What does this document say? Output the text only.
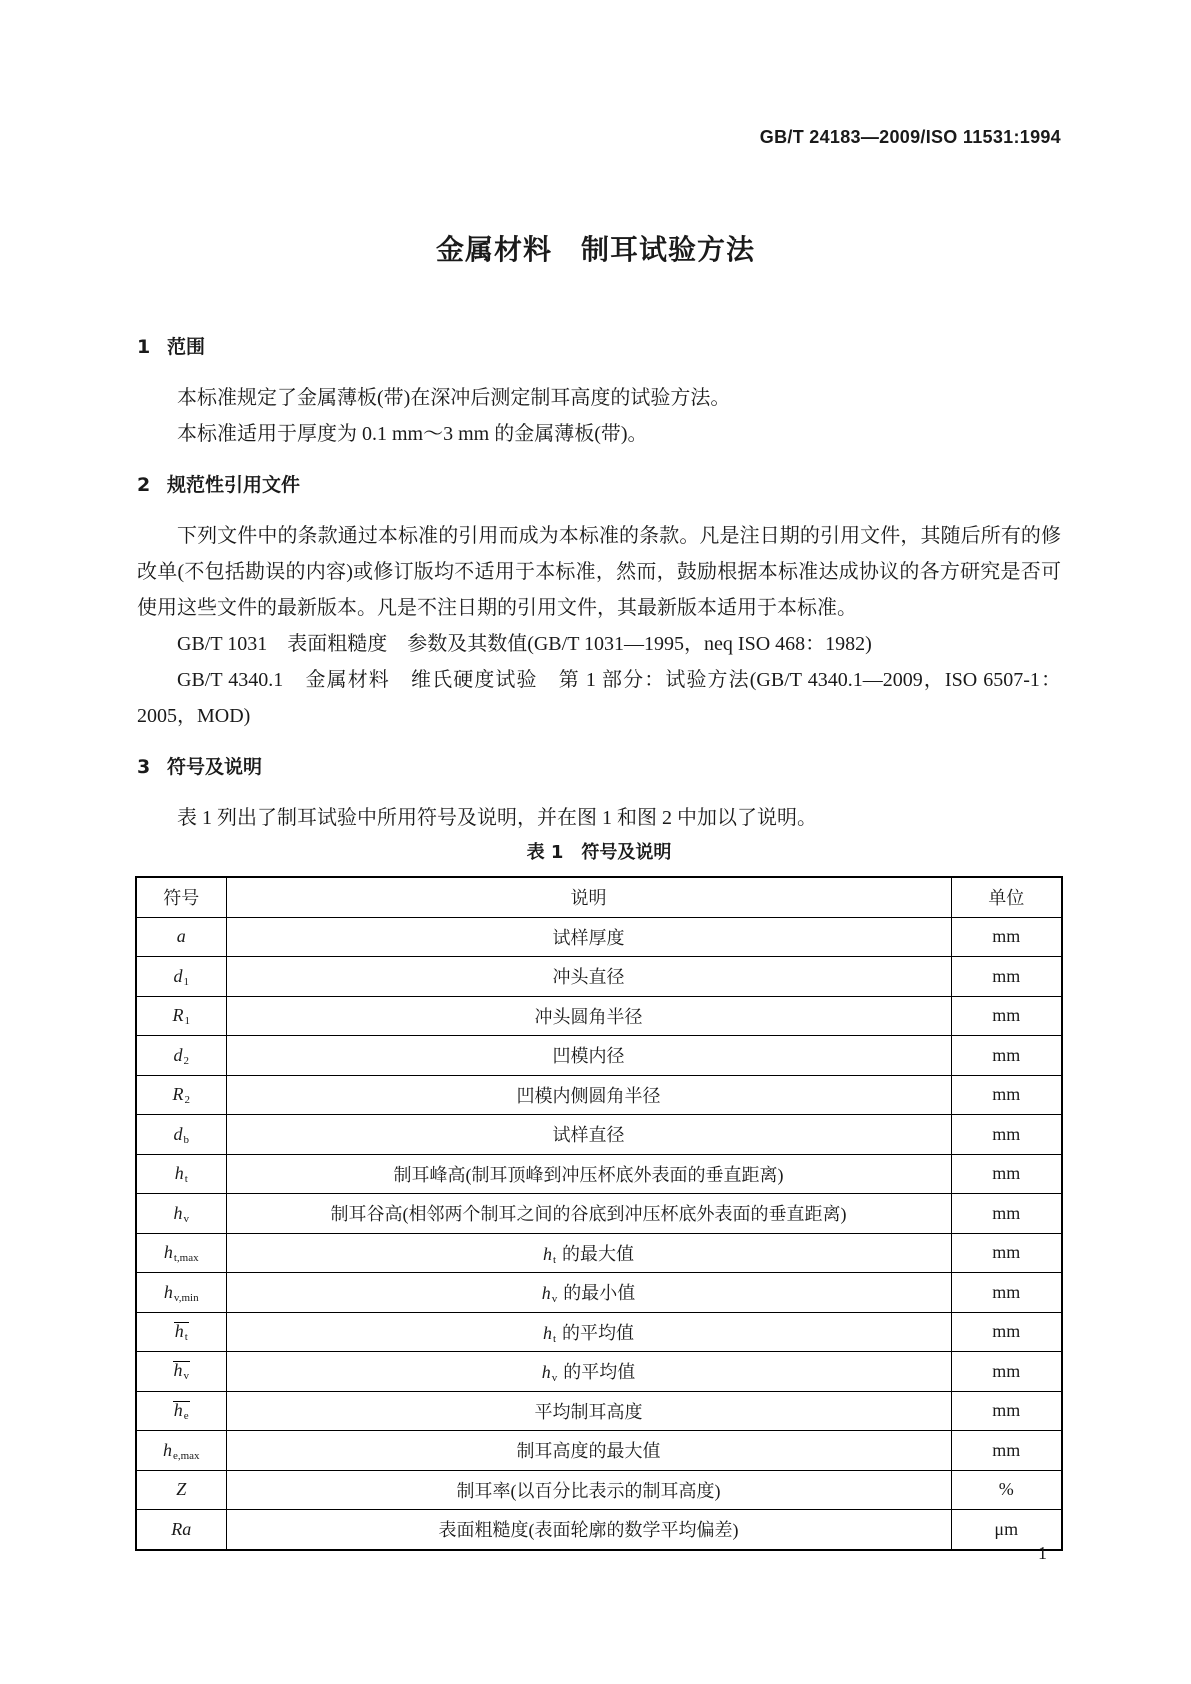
GB/T 24183—2009/ISO 11531:1994
金属材料　制耳试验方法
1 范围

本标准规定了金属薄板(带)在深冲后测定制耳高度的试验方法。

本标准适用于厚度为 0.1 mm～3 mm 的金属薄板(带)。

2 规范性引用文件

下列文件中的条款通过本标准的引用而成为本标准的条款。凡是注日期的引用文件，其随后所有的修改单(不包括勘误的内容)或修订版均不适用于本标准，然而，鼓励根据本标准达成协议的各方研究是否可使用这些文件的最新版本。凡是不注日期的引用文件，其最新版本适用于本标准。

GB/T 1031　表面粗糙度　参数及其数值(GB/T 1031—1995，neq ISO 468：1982)

GB/T 4340.1　金属材料　维氏硬度试验　第 1 部分：试验方法(GB/T 4340.1—2009，ISO 6507-1：2005，MOD)

3 符号及说明

表 1 列出了制耳试验中所用符号及说明，并在图 1 和图 2 中加以了说明。

表 1　符号及说明
符号	说明	单位
a	试样厚度	mm
d1	冲头直径	mm
R1	冲头圆角半径	mm
d2	凹模内径	mm
R2	凹模内侧圆角半径	mm
db	试样直径	mm
ht	制耳峰高(制耳顶峰到冲压杯底外表面的垂直距离)	mm
hv	制耳谷高(相邻两个制耳之间的谷底到冲压杯底外表面的垂直距离)	mm
ht,max	ht 的最大值	mm
hv,min	hv 的最小值	mm
ht	ht 的平均值	mm
hv	hv 的平均值	mm
he	平均制耳高度	mm
he,max	制耳高度的最大值	mm
Z	制耳率(以百分比表示的制耳高度)	%
Ra	表面粗糙度(表面轮廓的数学平均偏差)	μm
1
